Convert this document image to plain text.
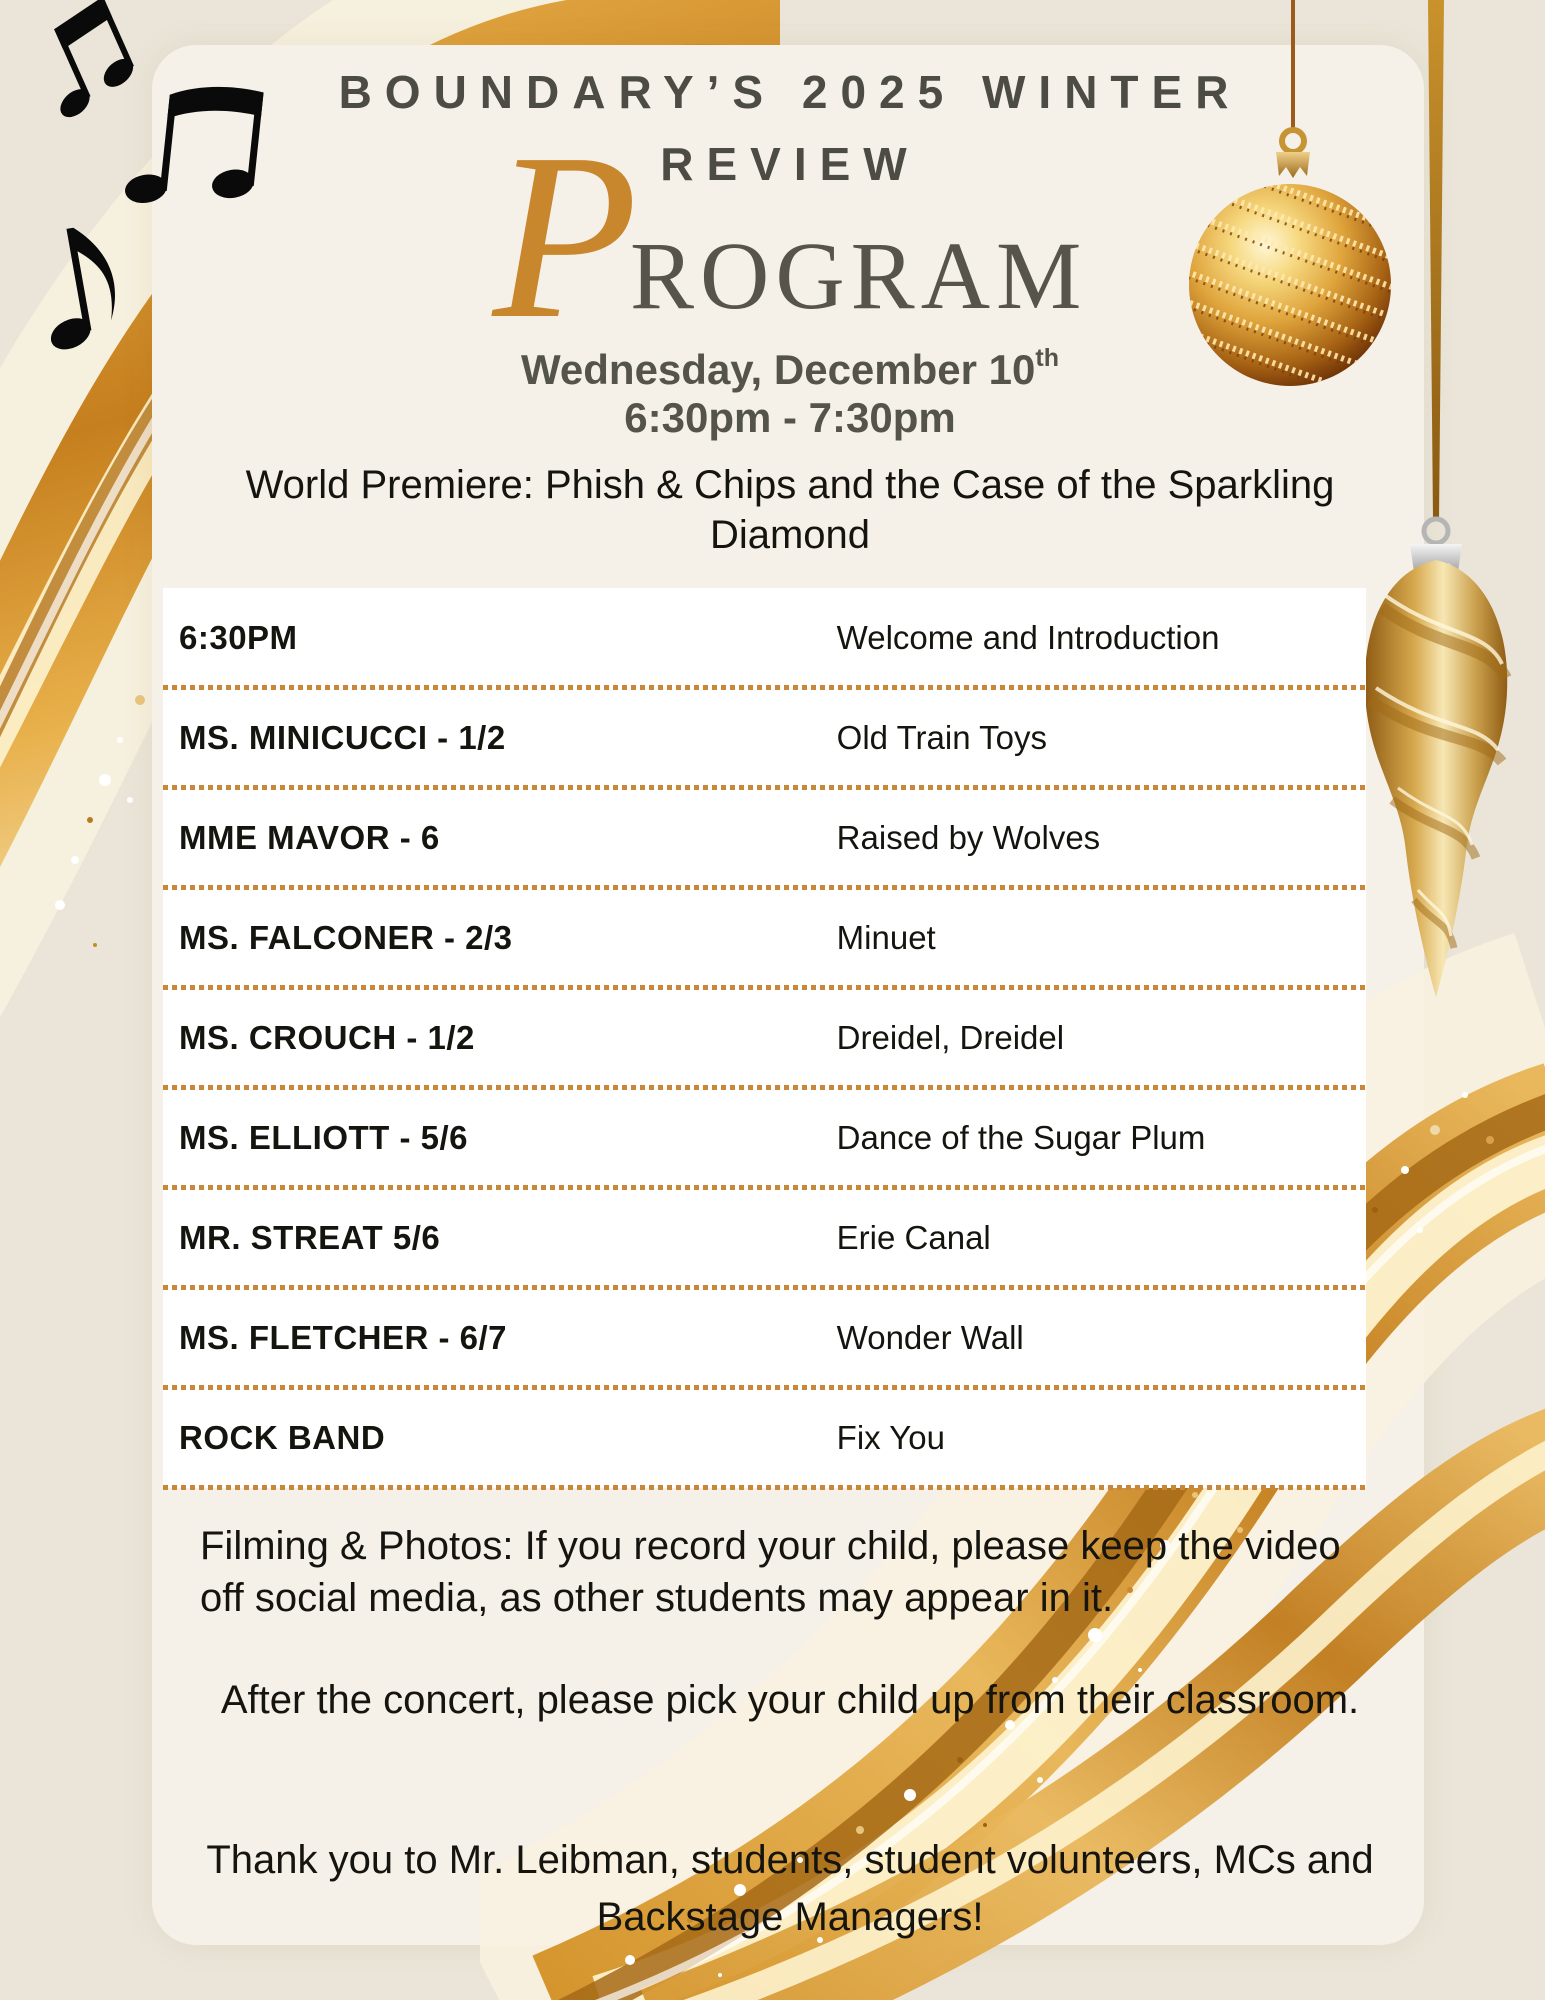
BOUNDARY’S 2025 WINTER REVIEW
P
ROGRAM
Wednesday, December 10th
6:30pm - 7:30pm
World Premiere: Phish & Chips and the Case of the Sparkling Diamond
6:30PM	Welcome and Introduction
MS. MINICUCCI - 1/2	Old Train Toys
MME MAVOR - 6	Raised by Wolves
MS. FALCONER - 2/3	Minuet
MS. CROUCH - 1/2	Dreidel, Dreidel
MS. ELLIOTT - 5/6	Dance of the Sugar Plum
MR. STREAT 5/6	Erie Canal
MS. FLETCHER - 6/7	Wonder Wall
ROCK BAND	Fix You
Filming & Photos: If you record your child, please keep the video off social media, as other students may appear in it.
After the concert, please pick your child up from their classroom.
Thank you to Mr. Leibman, students, student volunteers, MCs and Backstage Managers!
